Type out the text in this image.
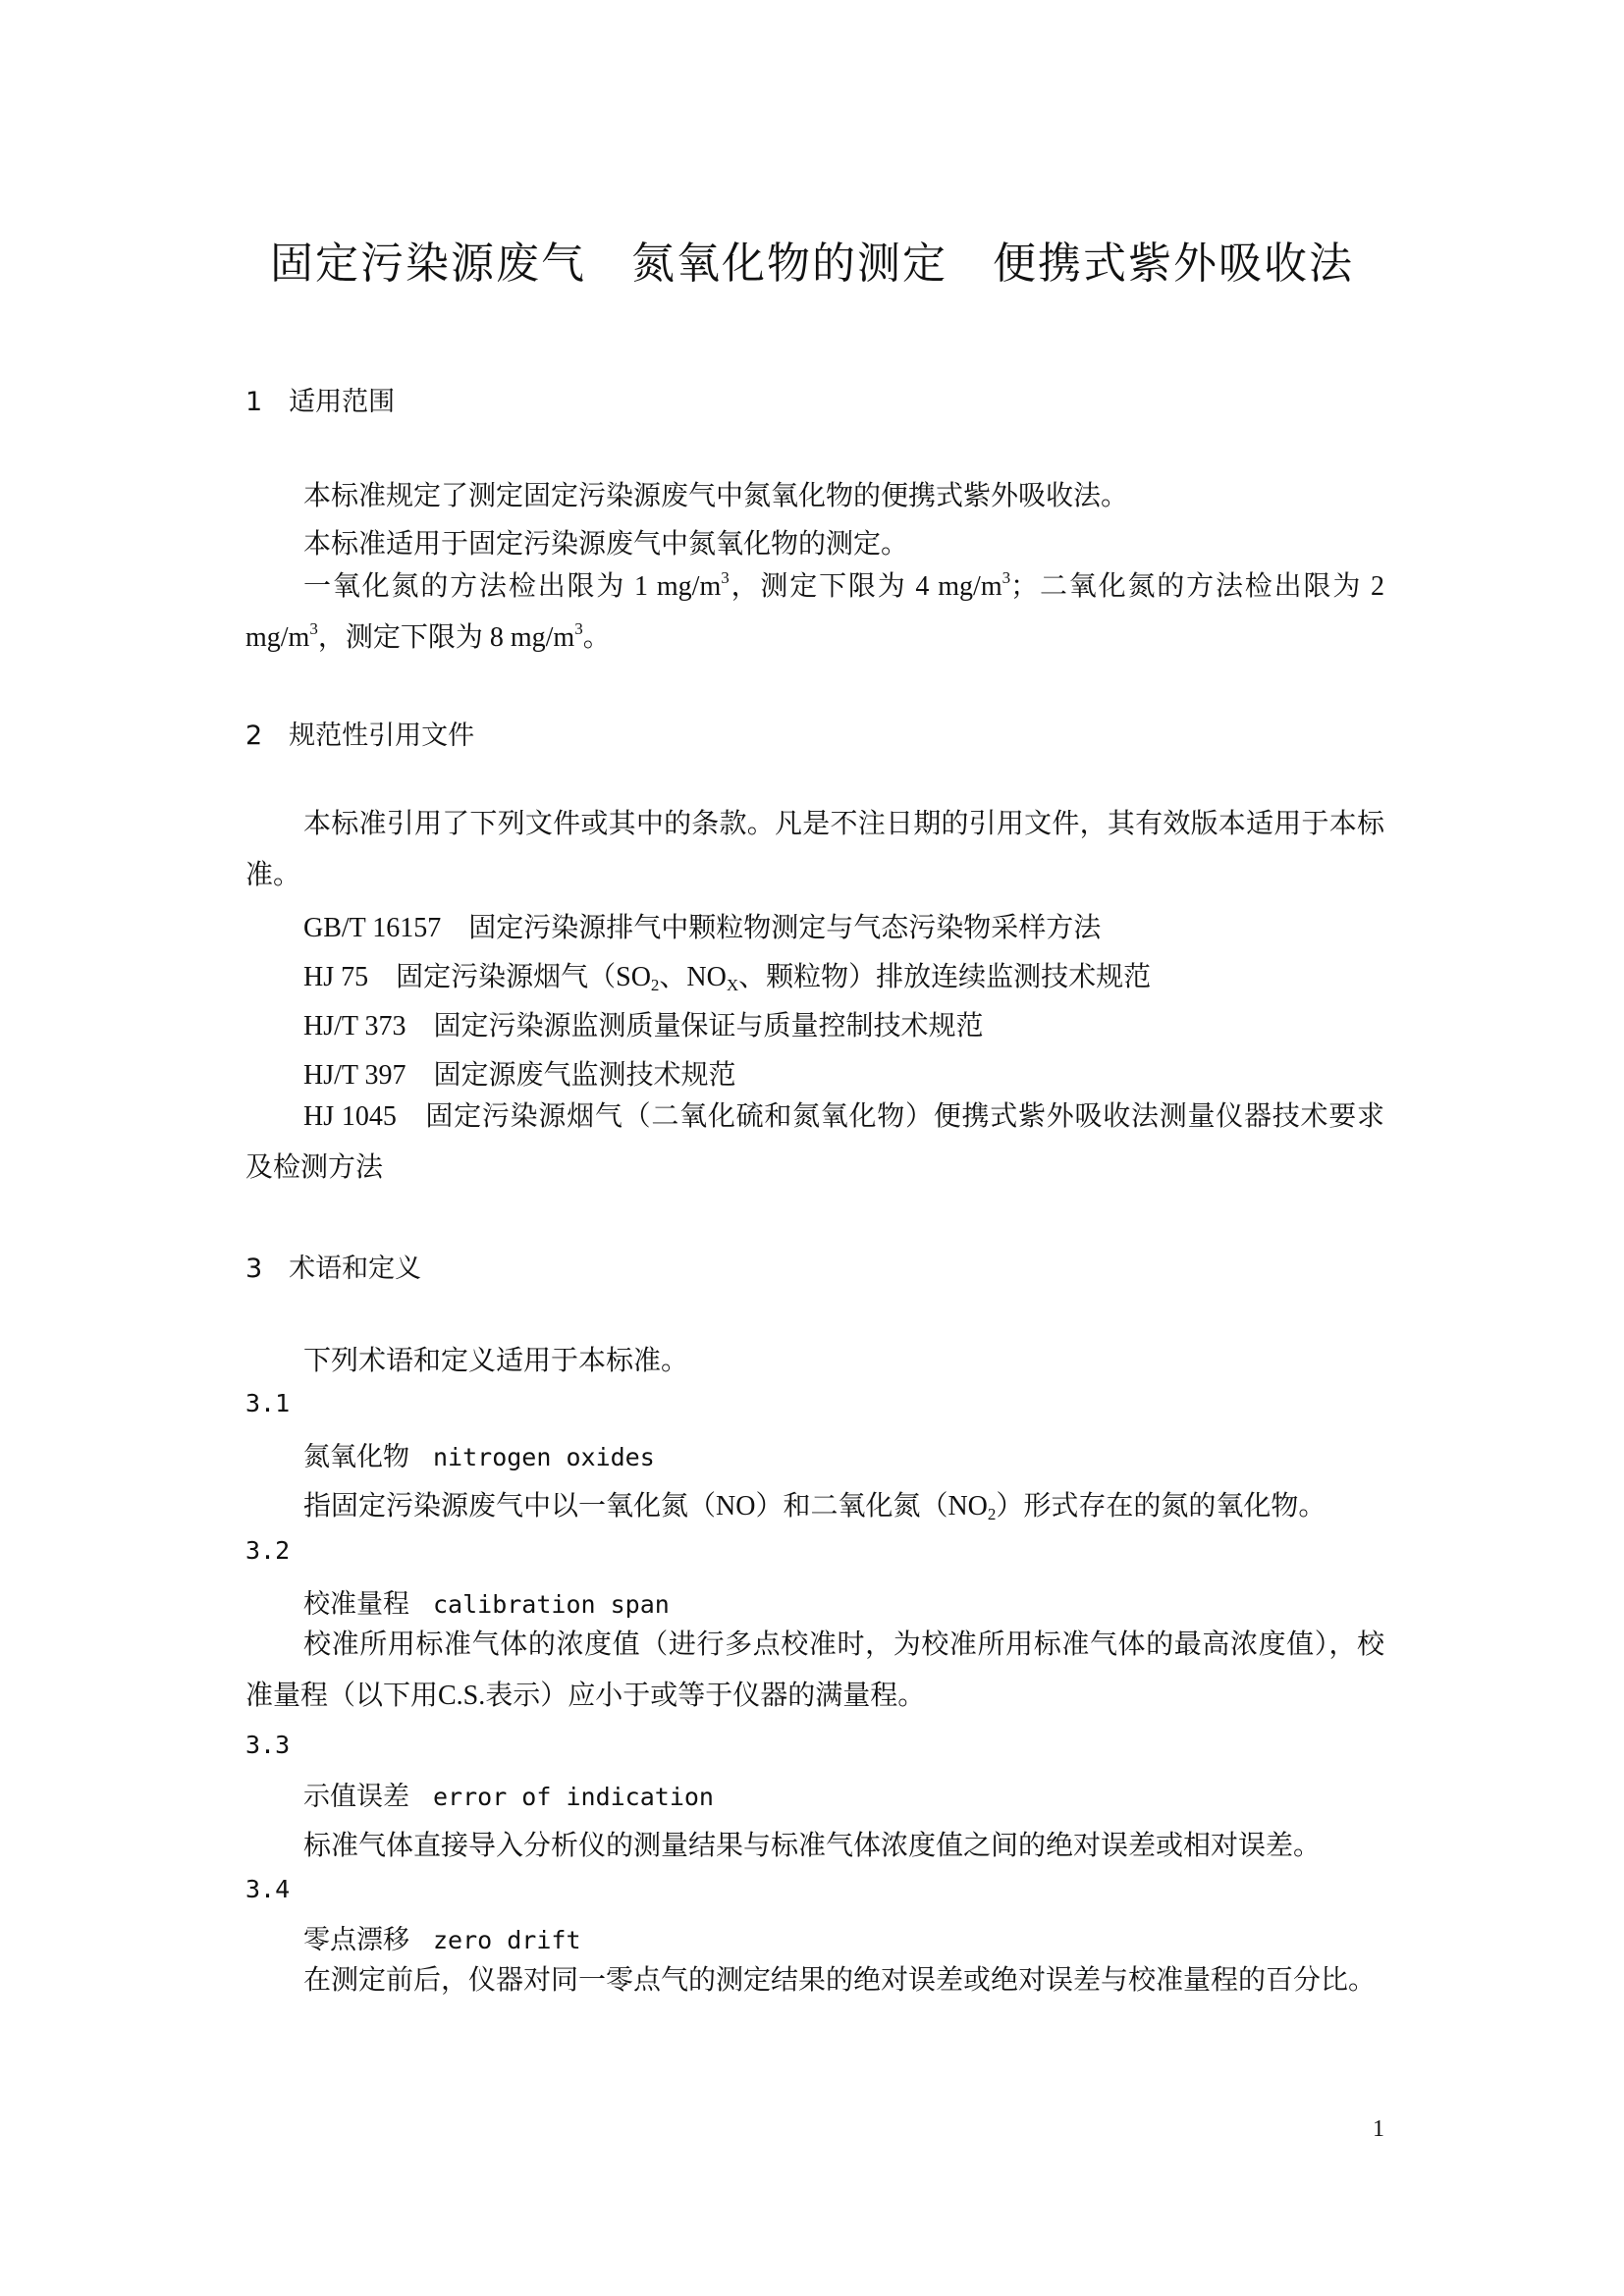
固定污染源废气　氮氧化物的测定　便携式紫外吸收法
1　适用范围
本标准规定了测定固定污染源废气中氮氧化物的便携式紫外吸收法。
本标准适用于固定污染源废气中氮氧化物的测定。

一氧化氮的方法检出限为 1 $mg/m^3$，测定下限为 4 $mg/m^3$；二氧化氮的方法检出限为 2 $mg/m^3$，测定下限为 8 $mg/m^3$。

2　规范性引用文件

本标准引用了下列文件或其中的条款。凡是不注日期的引用文件，其有效版本适用于本标准。

GB/T 16157　固定污染源排气中颗粒物测定与气态污染物采样方法
HJ 75　固定污染源烟气（$SO_2$、$NO_X$、颗粒物）排放连续监测技术规范
HJ/T 373　固定污染源监测质量保证与质量控制技术规范
HJ/T 397　固定源废气监测技术规范

HJ 1045　固定污染源烟气（二氧化硫和氮氧化物）便携式紫外吸收法测量仪器技术要求及检测方法

3　术语和定义
下列术语和定义适用于本标准。
3.1
氮氧化物 nitrogen oxides
指固定污染源废气中以一氧化氮（NO）和二氧化氮$(NO_2)$形式存在的氮的氧化物。
3.2
校准量程 calibration span

校准所用标准气体的浓度值（进行多点校准时，为校准所用标准气体的最高浓度值），校准量程（以下用C.S.表示）应小于或等于仪器的满量程。

3.3
示值误差 error of indication
标准气体直接导入分析仪的测量结果与标准气体浓度值之间的绝对误差或相对误差。
3.4
零点漂移 zero drift

在测定前后，仪器对同一零点气的测定结果的绝对误差或绝对误差与校准量程的百分比。

1
